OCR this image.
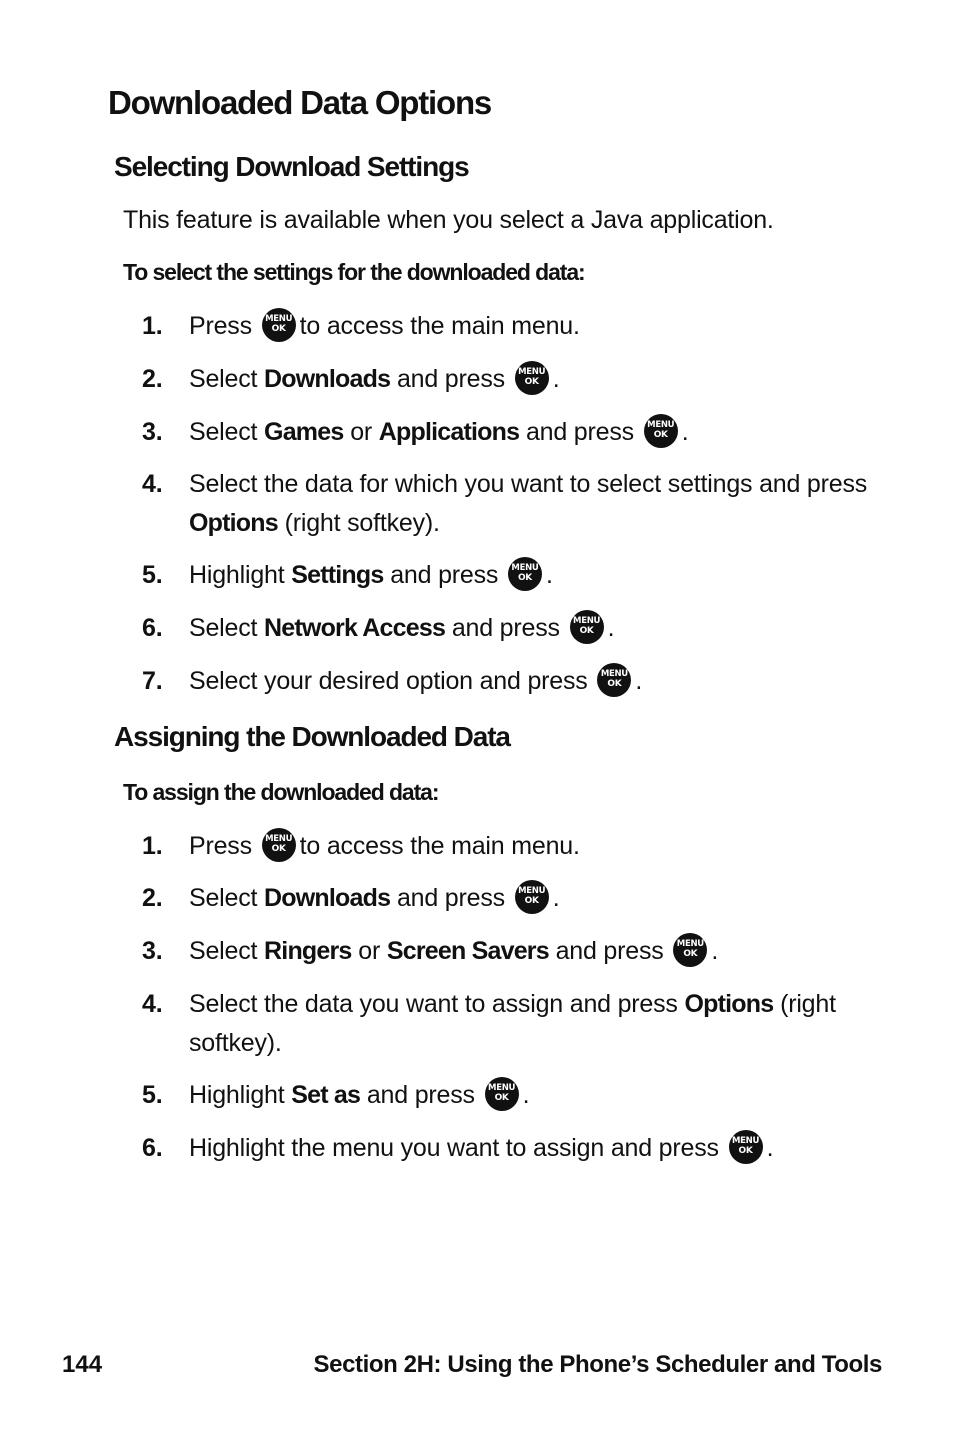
Downloaded Data Options
Selecting Download Settings

This feature is available when you select a Java application.

To select the settings for the downloaded data:

1. Press	MENU
OK to access the main menu.
2. Select Downloads and press	MENU
OK .
3. Select Games or Applications and press	MENU
OK .
4. Select the data for which you want to select settings and press Options (right softkey).
5. Highlight Settings and press	MENU
OK .
6. Select Network Access and press	MENU
OK .
7. Select your desired option and press	MENU
OK .
Assigning the Downloaded Data

To assign the downloaded data:

1. Press	MENU
OK to access the main menu.
2. Select Downloads and press	MENU
OK .
3. Select Ringers or Screen Savers and press	MENU
OK .
4. Select the data you want to assign and press Options (right softkey).
5. Highlight Set as and press	MENU
OK .
6. Highlight the menu you want to assign and press	MENU
OK .

144	Section 2H: Using the Phone’s Scheduler and Tools
